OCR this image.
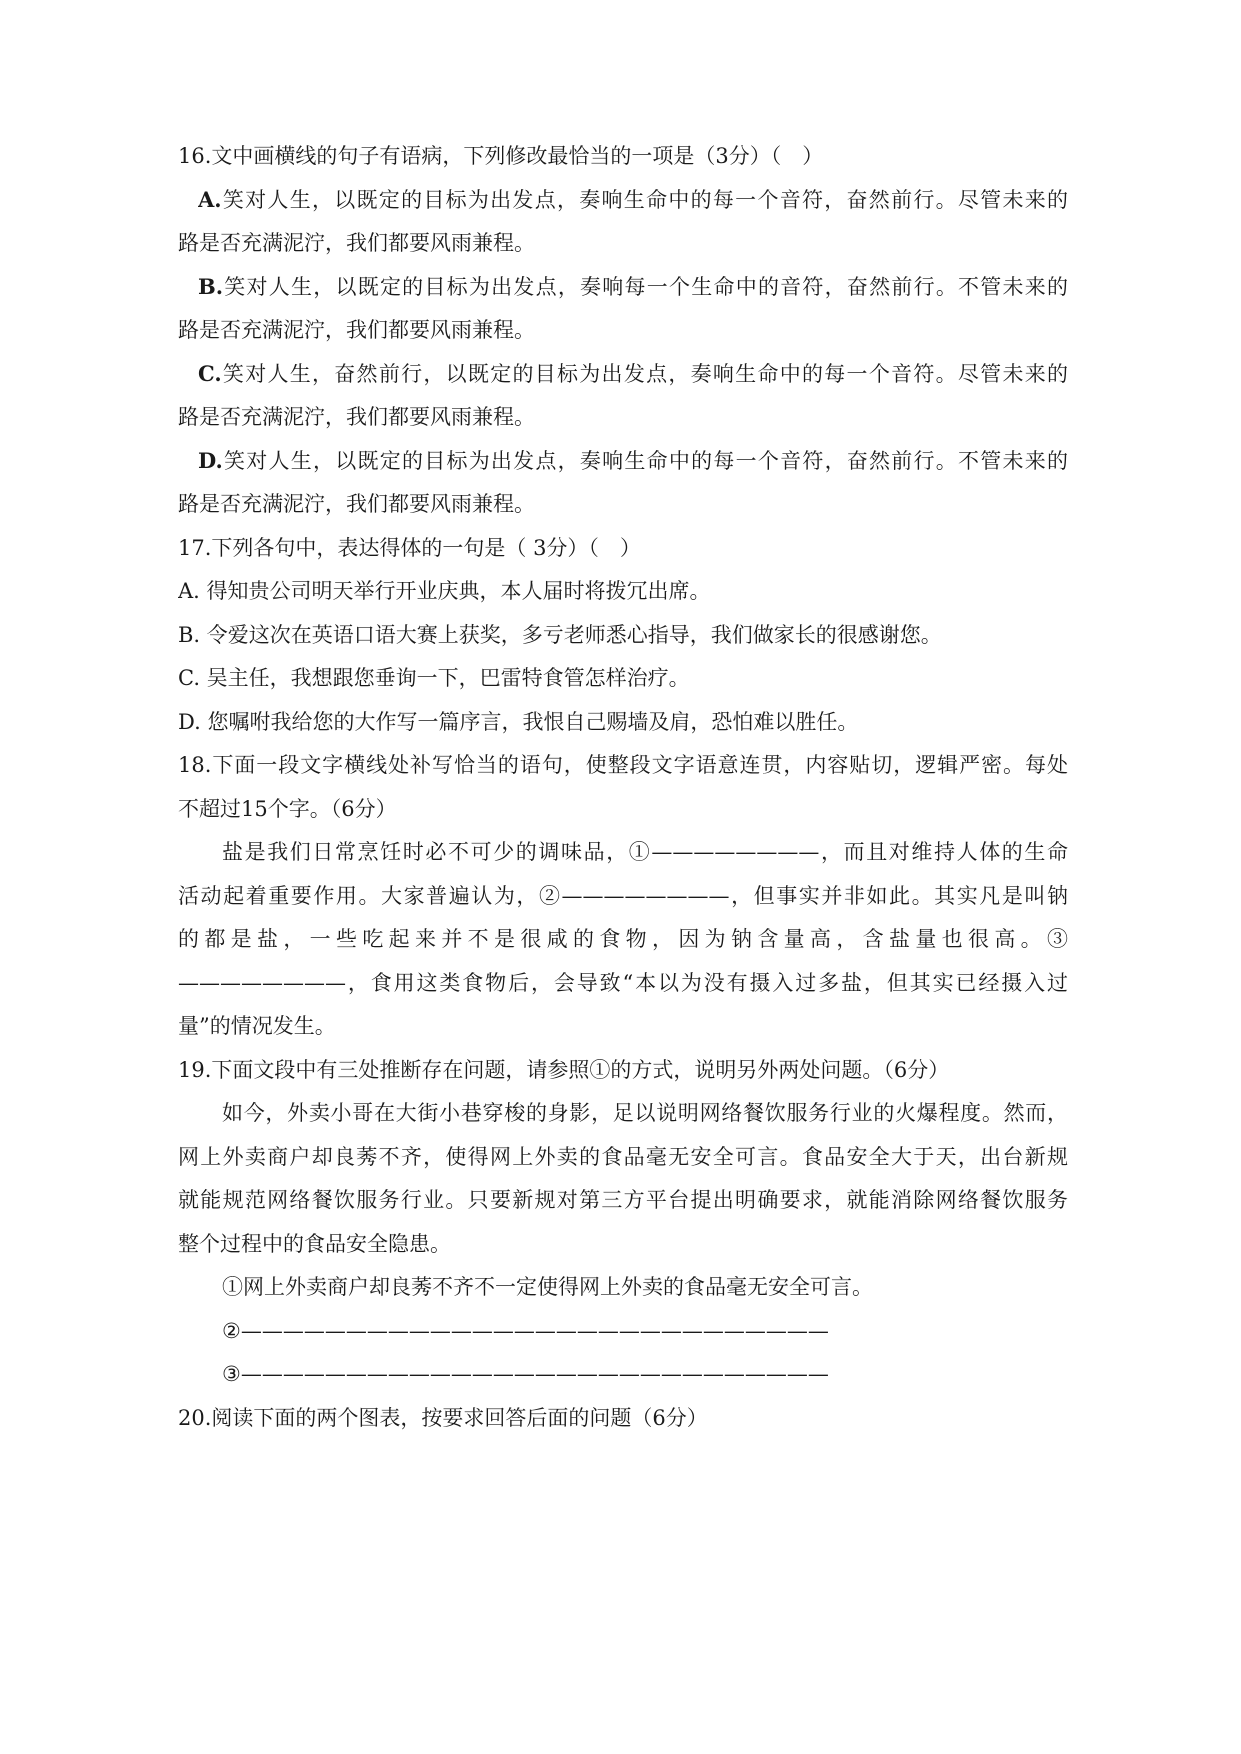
16.文中画横线的句子有语病，下列修改最恰当的一项是（3分）（　）
A.笑对人生，以既定的目标为出发点，奏响生命中的每一个音符，奋然前行。尽管未来的
路是否充满泥泞，我们都要风雨兼程。
B.笑对人生，以既定的目标为出发点，奏响每一个生命中的音符，奋然前行。不管未来的
路是否充满泥泞，我们都要风雨兼程。
C.笑对人生，奋然前行，以既定的目标为出发点，奏响生命中的每一个音符。尽管未来的
路是否充满泥泞，我们都要风雨兼程。
D.笑对人生，以既定的目标为出发点，奏响生命中的每一个音符，奋然前行。不管未来的
路是否充满泥泞，我们都要风雨兼程。
17.下列各句中，表达得体的一句是（ 3分）（　）
A. 得知贵公司明天举行开业庆典，本人届时将拨冗出席。
B. 令爱这次在英语口语大赛上获奖，多亏老师悉心指导，我们做家长的很感谢您。
C. 吴主任，我想跟您垂询一下，巴雷特食管怎样治疗。
D. 您嘱咐我给您的大作写一篇序言，我恨自己赐墙及肩，恐怕难以胜任。
18.下面一段文字横线处补写恰当的语句，使整段文字语意连贯，内容贴切，逻辑严密。每处
不超过15个字。（6分）
盐是我们日常烹饪时必不可少的调味品，①————————，而且对维持人体的生命
活动起着重要作用。大家普遍认为，②————————，但事实并非如此。其实凡是叫钠
的都是盐，一些吃起来并不是很咸的食物，因为钠含量高，含盐量也很高。③
————————，食用这类食物后，会导致“本以为没有摄入过多盐，但其实已经摄入过
量”的情况发生。
19.下面文段中有三处推断存在问题，请参照①的方式，说明另外两处问题。（6分）
如今，外卖小哥在大街小巷穿梭的身影，足以说明网络餐饮服务行业的火爆程度。然而，
网上外卖商户却良莠不齐，使得网上外卖的食品毫无安全可言。食品安全大于天，出台新规
就能规范网络餐饮服务行业。只要新规对第三方平台提出明确要求，就能消除网络餐饮服务
整个过程中的食品安全隐患。
①网上外卖商户却良莠不齐不一定使得网上外卖的食品毫无安全可言。
②————————————————————————————
③————————————————————————————
20.阅读下面的两个图表，按要求回答后面的问题（6分）
